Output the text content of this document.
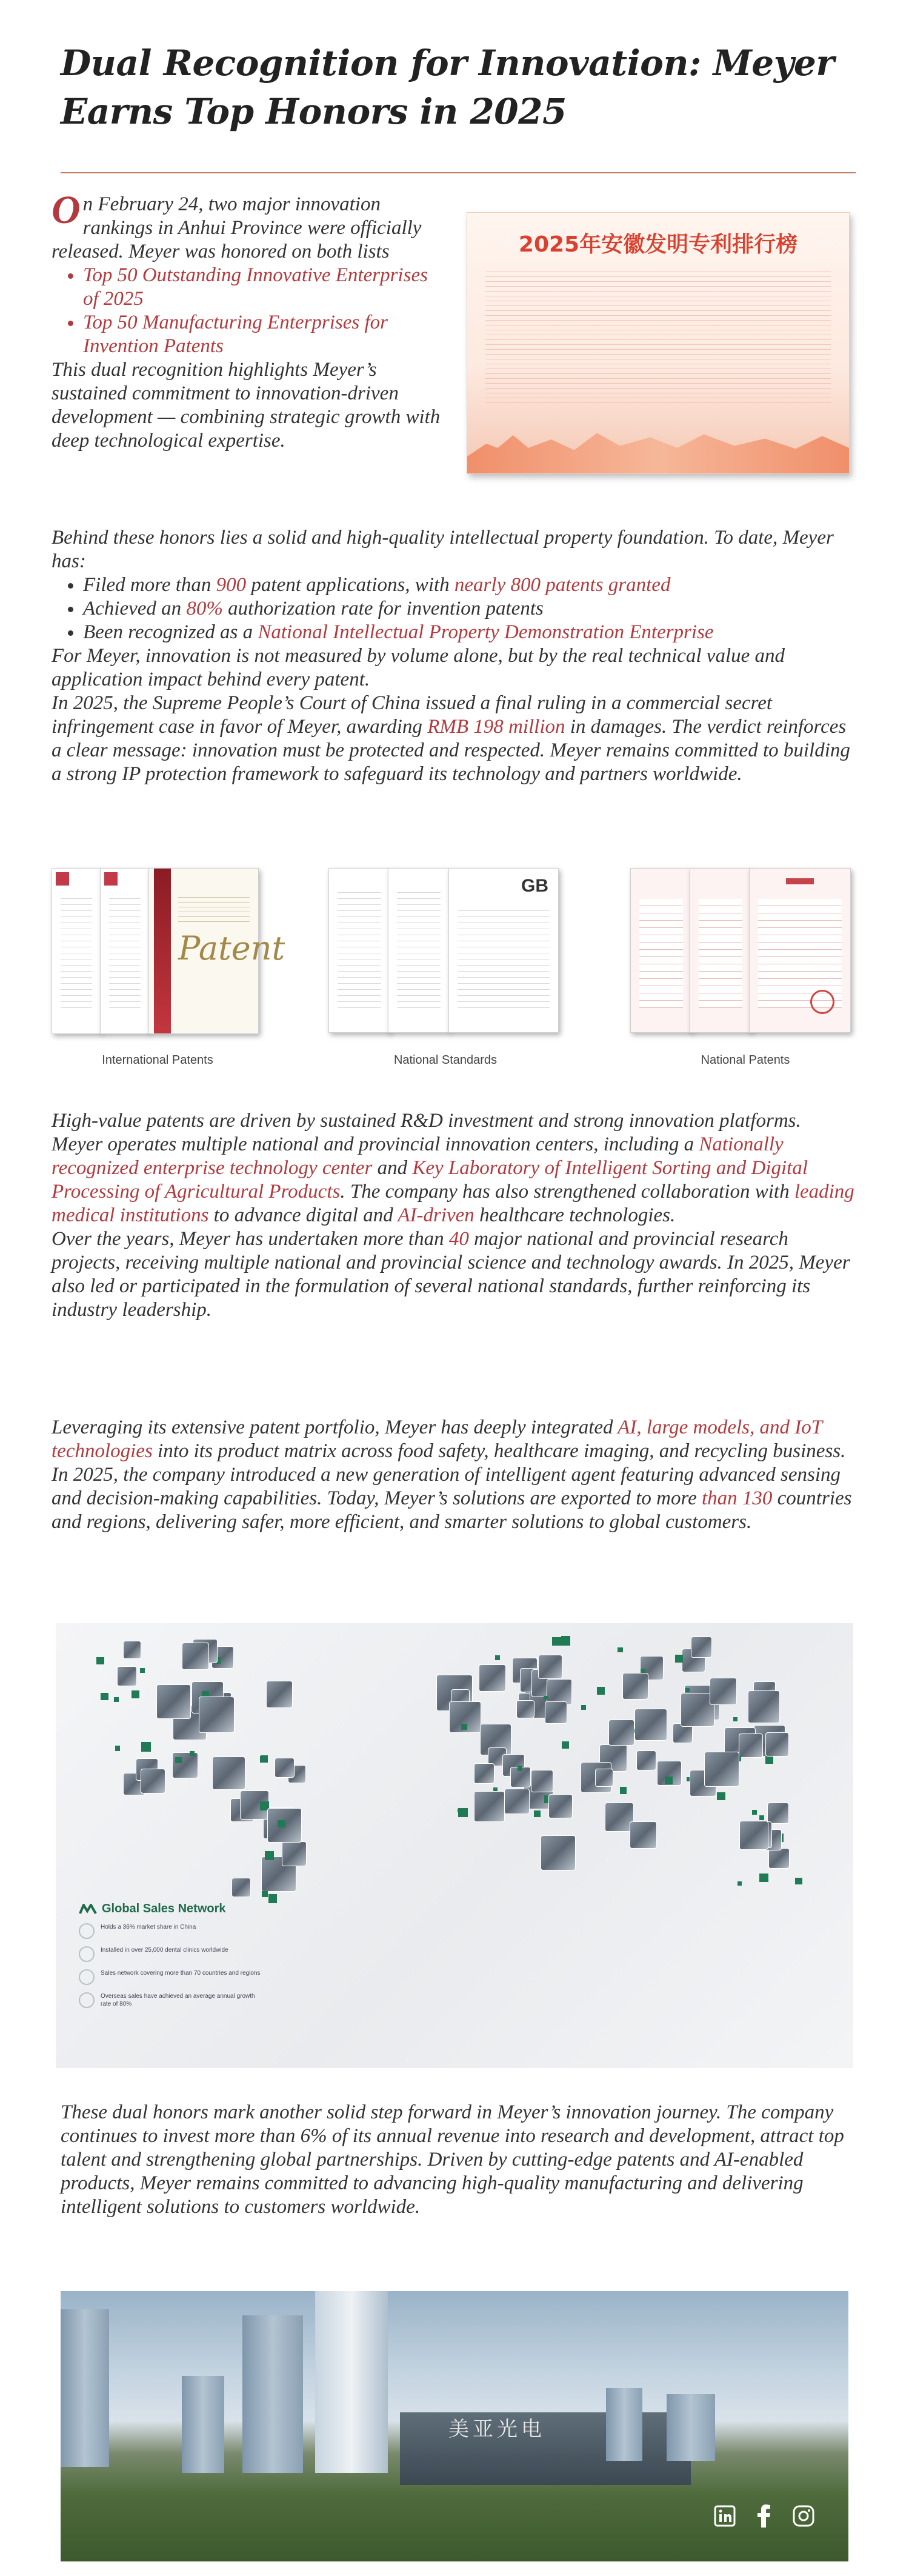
Dual Recognition for Innovation: Meyer Earns Top Honors in 2025

On February 24, two major innovation rankings in Anhui Province were officially released. Meyer was honored on both lists

• Top 50 Outstanding Innovative Enterprises of 2025
• Top 50 Manufacturing Enterprises for Invention Patents

This dual recognition highlights Meyer’s sustained commitment to innovation-driven development — combining strategic growth with deep technological expertise.

2025年安徽发明专利排行榜

Behind these honors lies a solid and high-quality intellectual property foundation. To date, Meyer has:

• Filed more than 900 patent applications, with nearly 800 patents granted
• Achieved an 80% authorization rate for invention patents
• Been recognized as a National Intellectual Property Demonstration Enterprise

For Meyer, innovation is not measured by volume alone, but by the real technical value and application impact behind every patent.

In 2025, the Supreme People’s Court of China issued a final ruling in a commercial secret infringement case in favor of Meyer, awarding RMB 198 million in damages. The verdict reinforces a clear message: innovation must be protected and respected. Meyer remains committed to building a strong IP protection framework to safeguard its technology and partners worldwide.

Patent
International Patents
GB
National Standards	National Patents

High-value patents are driven by sustained R&D investment and strong innovation platforms.

Meyer operates multiple national and provincial innovation centers, including a Nationally recognized enterprise technology center and Key Laboratory of Intelligent Sorting and Digital Processing of Agricultural Products. The company has also strengthened collaboration with leading medical institutions to advance digital and AI-driven healthcare technologies.

Over the years, Meyer has undertaken more than 40 major national and provincial research projects, receiving multiple national and provincial science and technology awards. In 2025, Meyer also led or participated in the formulation of several national standards, further reinforcing its industry leadership.

Leveraging its extensive patent portfolio, Meyer has deeply integrated AI, large models, and IoT technologies into its product matrix across food safety, healthcare imaging, and recycling business.

In 2025, the company introduced a new generation of intelligent agent featuring advanced sensing and decision-making capabilities. Today, Meyer’s solutions are exported to more than 130 countries and regions, delivering safer, more efficient, and smarter solutions to global customers.

Global Sales Network
Holds a 36% market share in China
Installed in over 25,000 dental clinics worldwide
Sales network covering more than 70 countries and regions
Overseas sales have achieved an average annual growth rate of 80%
These dual honors mark another solid step forward in Meyer’s innovation journey. The company continues to invest more than 6% of its annual revenue into research and development, attract top talent and strengthening global partnerships. Driven by cutting-edge patents and AI-enabled products, Meyer remains committed to advancing high-quality manufacturing and delivering intelligent solutions to customers worldwide.
美亚光电
